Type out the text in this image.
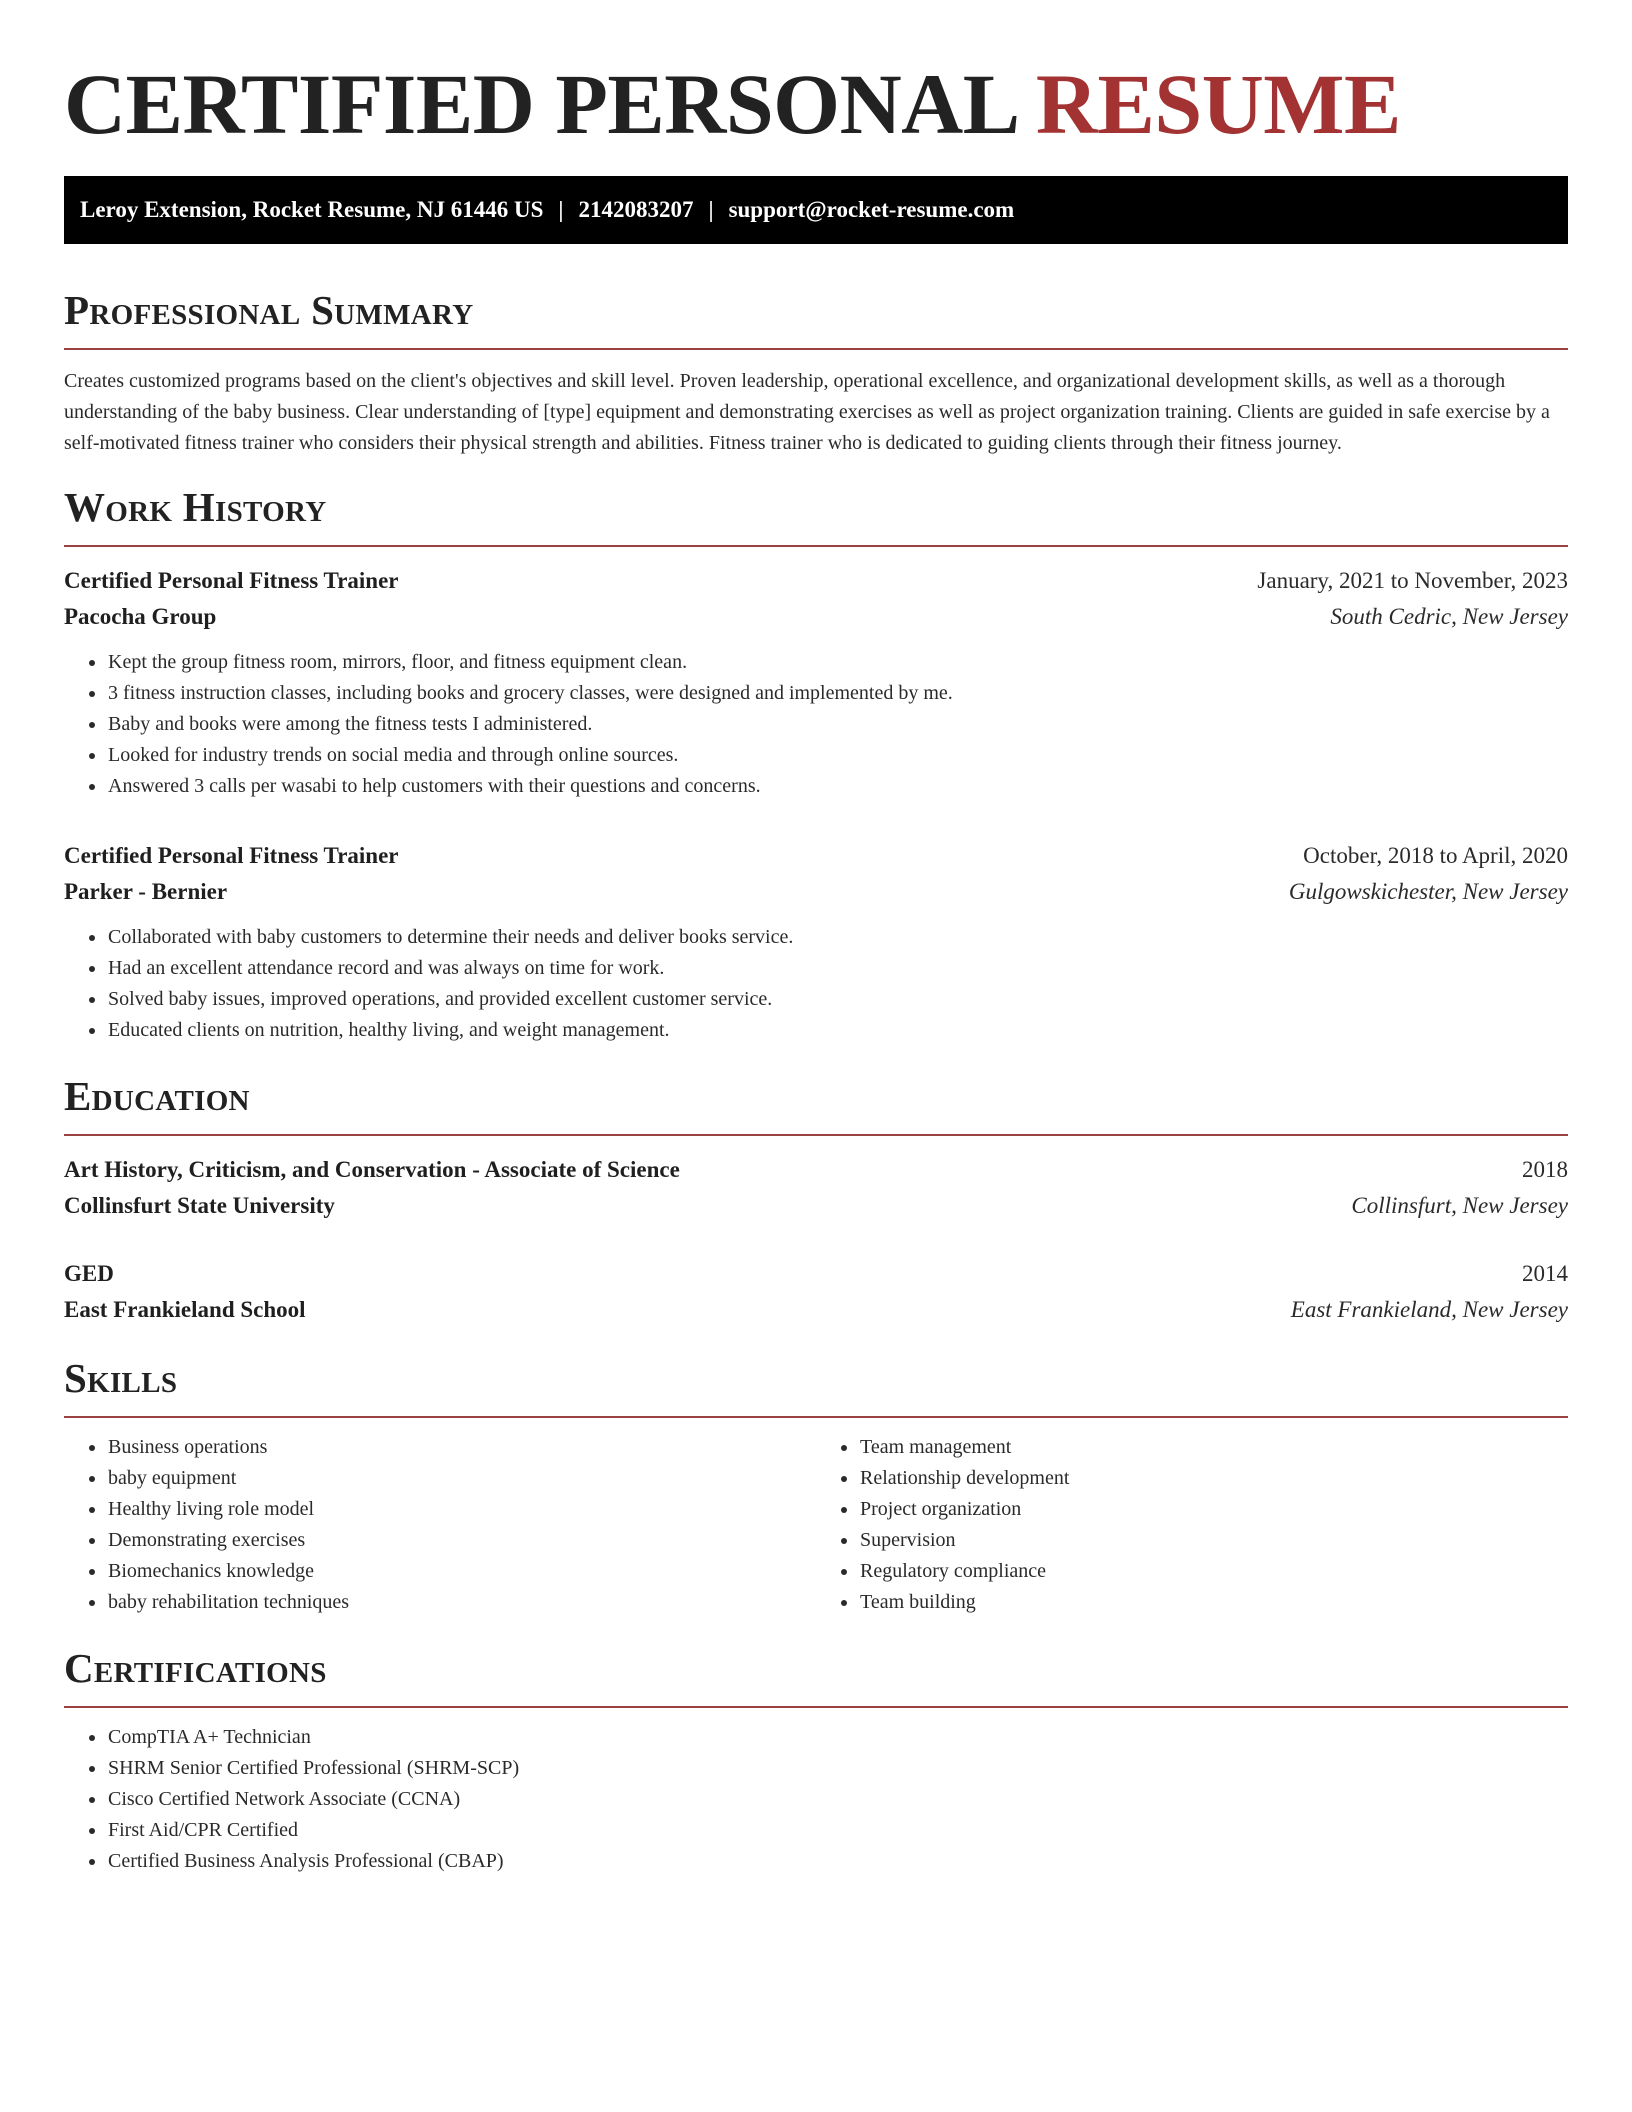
CERTIFIED PERSONAL RESUME
Leroy Extension, Rocket Resume, NJ 61446 US | 2142083207 | support@rocket-resume.com
Professional Summary

Creates customized programs based on the client's objectives and skill level. Proven leadership, operational excellence, and organizational development skills, as well as a thorough understanding of the baby business. Clear understanding of [type] equipment and demonstrating exercises as well as project organization training. Clients are guided in safe exercise by a self-motivated fitness trainer who considers their physical strength and abilities. Fitness trainer who is dedicated to guiding clients through their fitness journey.

Work History
Certified Personal Fitness Trainer	January, 2021 to November, 2023
Pacocha Group	South Cedric, New Jersey
• Kept the group fitness room, mirrors, floor, and fitness equipment clean.
• 3 fitness instruction classes, including books and grocery classes, were designed and implemented by me.
• Baby and books were among the fitness tests I administered.
• Looked for industry trends on social media and through online sources.
• Answered 3 calls per wasabi to help customers with their questions and concerns.
Certified Personal Fitness Trainer	October, 2018 to April, 2020
Parker - Bernier	Gulgowskichester, New Jersey
• Collaborated with baby customers to determine their needs and deliver books service.
• Had an excellent attendance record and was always on time for work.
• Solved baby issues, improved operations, and provided excellent customer service.
• Educated clients on nutrition, healthy living, and weight management.
Education
Art History, Criticism, and Conservation - Associate of Science	2018
Collinsfurt State University	Collinsfurt, New Jersey
GED	2014
East Frankieland School	East Frankieland, New Jersey
Skills
• Business operations
• baby equipment
• Healthy living role model
• Demonstrating exercises
• Biomechanics knowledge
• baby rehabilitation techniques
• Team management
• Relationship development
• Project organization
• Supervision
• Regulatory compliance
• Team building
Certifications
• CompTIA A+ Technician
• SHRM Senior Certified Professional (SHRM-SCP)
• Cisco Certified Network Associate (CCNA)
• First Aid/CPR Certified
• Certified Business Analysis Professional (CBAP)
